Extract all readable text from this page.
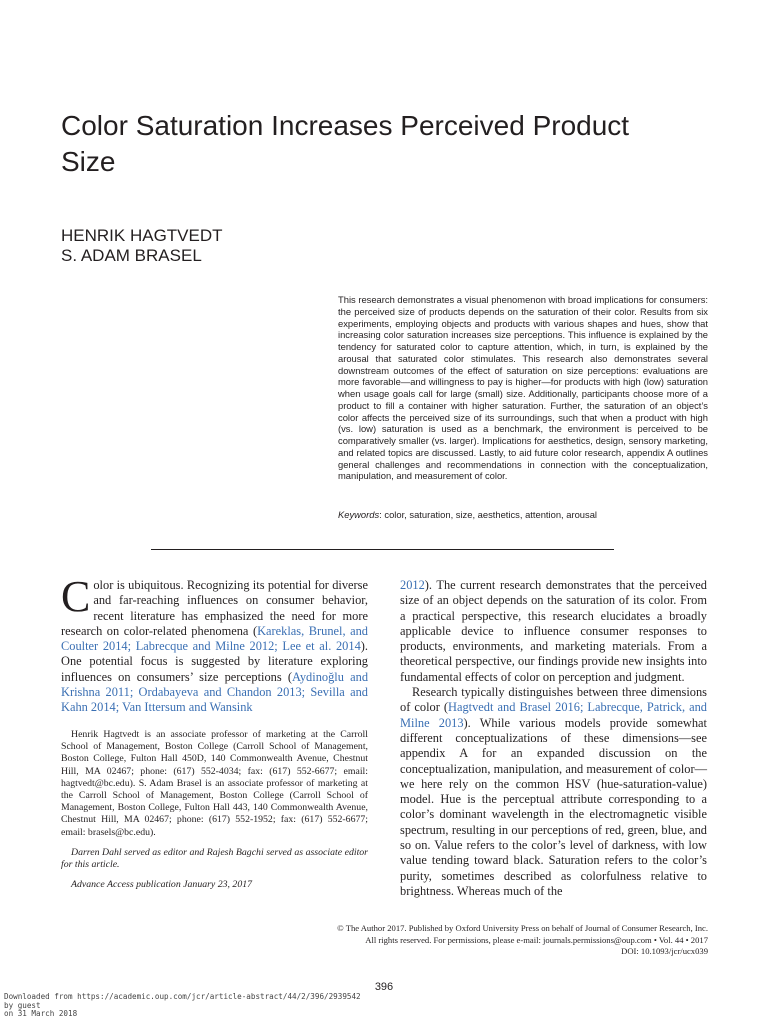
Color Saturation Increases Perceived Product Size
HENRIK HAGTVEDT
S. ADAM BRASEL

This research demonstrates a visual phenomenon with broad implications for consumers: the perceived size of products depends on the saturation of their color. Results from six experiments, employing objects and products with various shapes and hues, show that increasing color saturation increases size perceptions. This influence is explained by the tendency for saturated color to capture attention, which, in turn, is explained by the arousal that saturated color stimulates. This research also demonstrates several downstream outcomes of the effect of saturation on size perceptions: evaluations are more favorable—and willingness to pay is higher—for products with high (low) saturation when usage goals call for large (small) size. Additionally, participants choose more of a product to fill a container with higher saturation. Further, the saturation of an object’s color affects the perceived size of its surroundings, such that when a product with high (vs. low) saturation is used as a benchmark, the environment is perceived to be comparatively smaller (vs. larger). Implications for aesthetics, design, sensory marketing, and related topics are discussed. Lastly, to aid future color research, appendix A outlines general challenges and recommendations in connection with the conceptualization, manipulation, and measurement of color.

Keywords: color, saturation, size, aesthetics, attention, arousal

Color is ubiquitous. Recognizing its potential for diverse and far-reaching influences on consumer behavior, recent literature has emphasized the need for more research on color-related phenomena (Kareklas, Brunel, and Coulter 2014; Labrecque and Milne 2012; Lee et al. 2014). One potential focus is suggested by literature exploring influences on consumers’ size perceptions (Aydinoğlu and Krishna 2011; Ordabayeva and Chandon 2013; Sevilla and Kahn 2014; Van Ittersum and Wansink

Henrik Hagtvedt is an associate professor of marketing at the Carroll School of Management, Boston College (Carroll School of Management, Boston College, Fulton Hall 450D, 140 Commonwealth Avenue, Chestnut Hill, MA 02467; phone: (617) 552-4034; fax: (617) 552-6677; email: hagtvedt@bc.edu). S. Adam Brasel is an associate professor of marketing at the Carroll School of Management, Boston College (Carroll School of Management, Boston College, Fulton Hall 443, 140 Commonwealth Avenue, Chestnut Hill, MA 02467; phone: (617) 552-1952; fax: (617) 552-6677; email: brasels@bc.edu).

Darren Dahl served as editor and Rajesh Bagchi served as associate editor for this article.

Advance Access publication January 23, 2017

2012). The current research demonstrates that the perceived size of an object depends on the saturation of its color. From a practical perspective, this research elucidates a broadly applicable device to influence consumer responses to products, environments, and marketing materials. From a theoretical perspective, our findings provide new insights into fundamental effects of color on perception and judgment.

Research typically distinguishes between three dimensions of color (Hagtvedt and Brasel 2016; Labrecque, Patrick, and Milne 2013). While various models provide somewhat different conceptualizations of these dimensions—see appendix A for an expanded discussion on the conceptualization, manipulation, and measurement of color—we here rely on the common HSV (hue-saturation-value) model. Hue is the perceptual attribute corresponding to a color’s dominant wavelength in the electromagnetic visible spectrum, resulting in our perceptions of red, green, blue, and so on. Value refers to the color’s level of darkness, with low value tending toward black. Saturation refers to the color’s purity, sometimes described as colorfulness relative to brightness. Whereas much of the

© The Author 2017. Published by Oxford University Press on behalf of Journal of Consumer Research, Inc.
All rights reserved. For permissions, please e-mail: journals.permissions@oup.com • Vol. 44 • 2017
DOI: 10.1093/jcr/ucx039
396
Downloaded from https://academic.oup.com/jcr/article-abstract/44/2/396/2939542
by guest
on 31 March 2018
